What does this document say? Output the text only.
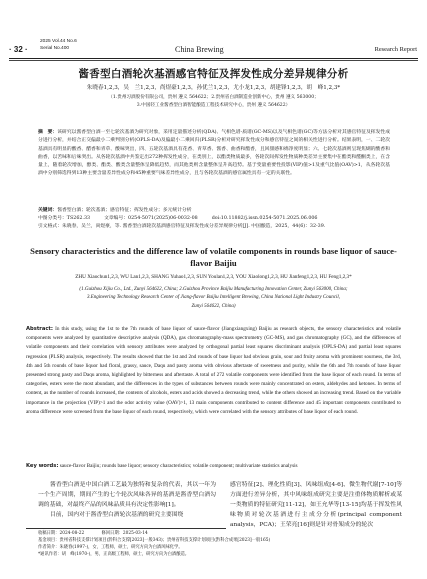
· 32 ·
2025 Vol.44 No.6
Serial No.400	China Brewing	Research Report
酱香型白酒轮次基酒感官特征及挥发性成分差异规律分析
朱晓春1,2,3，吴　兰1,2,3，尚煜豪1,2,3，孙优兰1,2,3，尤小龙1,2,3，胡建锋1,2,3，胡　峰1,2,3*
（1.贵州习酒股份有限公司，贵州 遵义 564622；2.贵州省白酒制造业创新中心，贵州 遵义 563000；
3.中国轻工业酱香型白酒智能酿造工程技术研究中心，贵州 遵义 564622）
摘　要：该研究以酱香型白酒一至七轮次基酒为研究对象，采用定量描述分析(QDA)、气相色谱-质谱(GC-MS)以及气相色谱(GC)等方法分析对其感官特征及挥发性成分进行分析，并结合正交偏最小二乘判别分析(OPLS-DA)及偏最小二乘回归(PLSR)分析对研究挥发性成分和感官特征之间的相关性进行分析。结果表明，一、二轮次基酒具有明显的酸香、醋香和青草、酸味突出，四、五轮次基酒具有花香、青草香、酱香、曲香和酯香，且回甜感和绵净度明显；六、七轮次基酒则呈现焦煳的酸香和曲香，以苦味和后味突出。从各轮次基酒中共鉴定出272种挥发性成分，在类别上，以酯类物质最多，各轮次间挥发性物质种类差异主要集中在酯类和醛酮类上，在含量上，随着轮次增加，醇类、酯类、酸类含量整体呈降低趋势，而其他类则含量整体呈升高趋势。基于变量重要性投影(VIP)值>1及重气比值(OAV)>1，从各轮次基酒中分别筛选得到13种主要含量差异性成分和45种重要气味差异性成分，且与各轮次基酒的感官属性具有一定的关联性。
关键词：酱香型白酒；轮次基酒；感官特征；挥发性成分；多元统计分析
中图分类号：TS262.33	文章编号：0254-5071(2025)06-0032-08	doi:10.11882/j.issn.0254-5071.2025.06.006
引文格式：朱晓春，吴兰，尚煜豪，等. 酱香型白酒轮次基酒感官特征及挥发性成分差异规律分析[J]. 中国酿造，2025，44(6)：32-39.
Sensory characteristics and the difference law of volatile components in rounds base liquor of sauce-flavor Baijiu
ZHU Xiaochun1,2,3, WU Lan1,2,3, SHANG Yuhao1,2,3, SUN Youlan1,2,3, YOU Xiaolong1,2,3, HU Jianfeng1,2,3, HU Feng1,2,3*
(1.Guizhou Xijiu Co., Ltd., Zunyi 564622, China; 2.Guizhou Province Baijiu Manufacturing Innovation Center, Zunyi 563000, China;
3.Engineering Technology Research Center of Jiang-flavor Baijiu Intelligent Brewing, China National Light Industry Council,
Zunyi 564622, China)
Abstract: In this study, using the 1st to the 7th rounds of base liquor of sauce-flavor (Jiangxiangxing) Baijiu as research objects, the sensory characteristics and volatile components were analyzed by quantitative descriptive analysis (QDA), gas chromatography-mass spectrometry (GC-MS), and gas chromatography (GC), and the differences of volatile components and their correlation with sensory attributes were analyzed by orthogonal partial least squares discriminant analysis (OPLS-DA) and partial least squares regression (PLSR) analysis, respectively. The results showed that the 1st and 2nd rounds of base liquor had obvious grain, sour and fruity aroma with prominent sourness, the 3rd, 4th and 5th rounds of base liquor had floral, grassy, sauce, Daqu and pasty aroma with obvious aftertaste of sweetness and purity, while the 6th and 7th rounds of base liquor presented strong pasty and Daqu aroma, highlighted by bitterness and aftertaste. A total of 272 volatile components were identified from the base liquor of each round. In terms of categories, esters were the most abundant, and the differences in the types of substances between rounds were mainly concentrated on esters, aldehydes and ketones. In terms of content, as the number of rounds increased, the contents of alcohols, esters and acids showed a decreasing trend, while the others showed an increasing trend. Based on the variable importance in the projection (VIP)>1 and the odor activity value (OAV)>1, 13 main components contributed to content difference and 45 important components contributed to aroma difference were screened from the base liquor of each round, respectively, which were correlated with the sensory attributes of base liquor of each round.
Key words: sauce-flavor Baijiu; rounds base liquor; sensory characteristics; volatile component; multivariate statistics analysis

酱香型白酒是中国白酒工艺最为独特和复杂的代表，其以一年为一个生产周期，期间产生的七个轮次风味各异的基酒是酱香型白酒勾调的基础，对最终产品的风味品质具有决定性影响[1]。

目前，国内对于酱香型白酒轮次基酒的研究主要围绕

感官特征[2]、理化性质[3]、风味组成[4-6]、微生物代谢[7-10]等方面进行差异分析，其中风味组成研究主要是注重体物质解析或某一类物质的特征研究[11-12]，如王允华等[13-15]均基于挥发性风味物质对轮次基酒进行主成分分析(principal component analysis，PCA)；王荣亮[16]则是针对骨架成分的轮次

收稿日期：2024-08-22　　　　修回日期：2025-03-14
基金项目：贵州省科技支撑计划项目(黔科合支撑[2023]一般343)；贵州省科技支撑计划项目(黔科合成果[2023]一般165)
作者简介：朱晓春(1997-)，女，工程师，硕士，研究方向为白酒风味化学。
*通讯作者：胡　峰(1970-)，男，正高级工程师，硕士，研究方向为白酒酿造。
